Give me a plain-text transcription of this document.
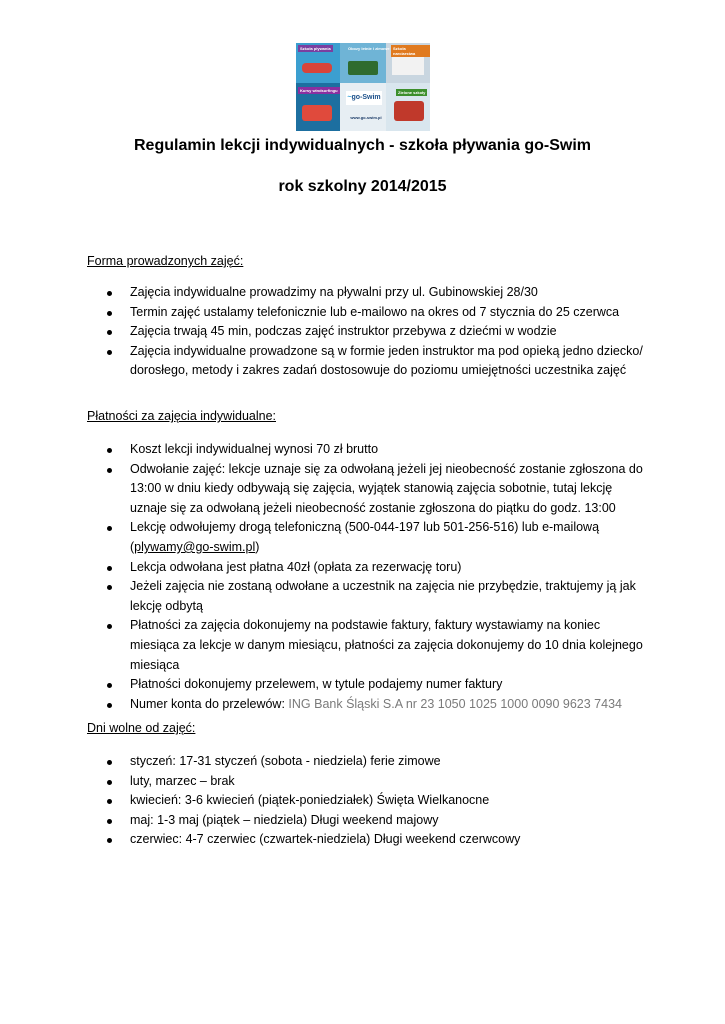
Szkoła pływania	Obozy letnie i zimowe Szkoła narciarstwa
Kursy windsurfingu	Zielone szkoły
~go-Swim
www.go-swim.pl
Regulamin lekcji indywidualnych - szkoła pływania go-Swim
rok szkolny 2014/2015

Forma prowadzonych zajęć:

Zajęcia indywidualne prowadzimy na pływalni przy ul. Gubinowskiej 28/30
Termin zajęć ustalamy telefonicznie lub e-mailowo na okres od 7 stycznia do 25 czerwca
Zajęcia trwają 45 min, podczas zajęć instruktor przebywa z dziećmi w wodzie
Zajęcia indywidualne prowadzone są w formie jeden instruktor ma pod opieką jedno dziecko/ dorosłego, metody i zakres zadań dostosowuje do poziomu umiejętności uczestnika zajęć

Płatności za zajęcia indywidualne:

Koszt lekcji indywidualnej wynosi 70 zł brutto
Odwołanie zajęć: lekcje uznaje się za odwołaną jeżeli jej nieobecność zostanie zgłoszona do 13:00 w dniu kiedy odbywają się zajęcia, wyjątek stanowią zajęcia sobotnie, tutaj lekcję uznaje się za odwołaną jeżeli nieobecność zostanie zgłoszona do piątku do godz. 13:00
Lekcję odwołujemy drogą telefoniczną (500-044-197 lub 501-256-516) lub e-mailową
(plywamy@go-swim.pl)
Lekcja odwołana jest płatna 40zł (opłata za rezerwację toru)
Jeżeli zajęcia nie zostaną odwołane a uczestnik na zajęcia nie przybędzie, traktujemy ją jak lekcję odbytą
Płatności za zajęcia dokonujemy na podstawie faktury, faktury wystawiamy na koniec miesiąca za lekcje w danym miesiącu, płatności za zajęcia dokonujemy do 10 dnia kolejnego miesiąca
Płatności dokonujemy przelewem, w tytule podajemy numer faktury
Numer konta do przelewów: ING Bank Śląski S.A nr 23 1050 1025 1000 0090 9623 7434

Dni wolne od zajęć:

styczeń: 17-31 styczeń (sobota - niedziela) ferie zimowe
luty, marzec – brak
kwiecień: 3-6 kwiecień (piątek-poniedziałek) Święta Wielkanocne
maj: 1-3 maj (piątek – niedziela) Długi weekend majowy
czerwiec: 4-7 czerwiec (czwartek-niedziela) Długi weekend czerwcowy
